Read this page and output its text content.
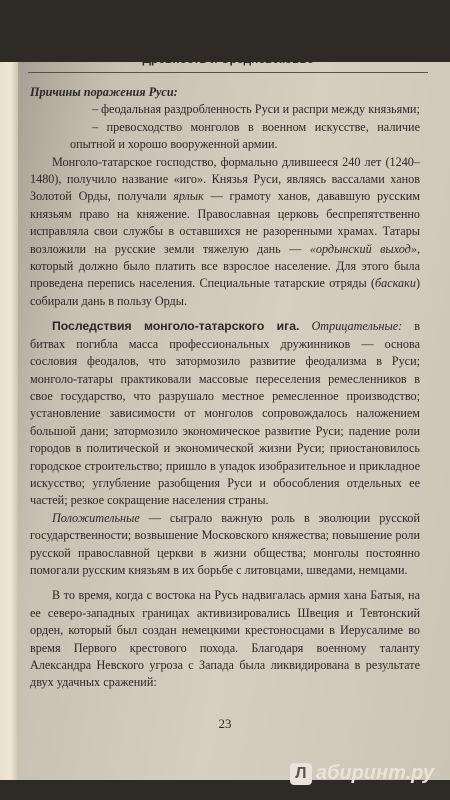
Древность и Средневековье

Причины поражения Руси:

– феодальная раздробленность Руси и распри между князьями;

– превосходство монголов в военном искусстве, наличие опытной и хорошо вооруженной армии.

Монголо-татарское господство, формально длившееся 240 лет (1240–1480), получило название «иго». Князья Руси, являясь вассалами ханов Золотой Орды, получали ярлык — грамоту ханов, дававшую русским князьям право на княжение. Православная церковь беспрепятственно исправляла свои службы в оставшихся не разоренными храмах. Татары возложили на русские земли тяжелую дань — «ордынский выход», который должно было платить все взрослое население. Для этого была проведена перепись населения. Специальные татарские отряды (баскаки) собирали дань в пользу Орды.

Последствия монголо-татарского ига. Отрицательные: в битвах погибла масса профессиональных дружинников — основа сословия феодалов, что затормозило развитие феодализма в Руси; монголо-татары практиковали массовые переселения ремесленников в свое государство, что разрушало местное ремесленное производство; установление зависимости от монголов сопровождалось наложением большой дани; затормозило экономическое развитие Руси; падение роли городов в политической и экономической жизни Руси; приостановилось городское строительство; пришло в упадок изобразительное и прикладное искусство; углубление разобщения Руси и обособления отдельных ее частей; резкое сокращение населения страны.

Положительные — сыграло важную роль в эволюции русской государственности; возвышение Московского княжества; повышение роли русской православной церкви в жизни общества; монголы постоянно помогали русским князьям в их борьбе с литовцами, шведами, немцами.

В то время, когда с востока на Русь надвигалась армия хана Батыя, на ее северо-западных границах активизировались Швеция и Тевтонский орден, который был создан немецкими крестоносцами в Иерусалиме во время Первого крестового похода. Благодаря военному таланту Александра Невского угроза с Запада была ликвидирована в результате двух удачных сражений:

23
Л абиринт.ру
